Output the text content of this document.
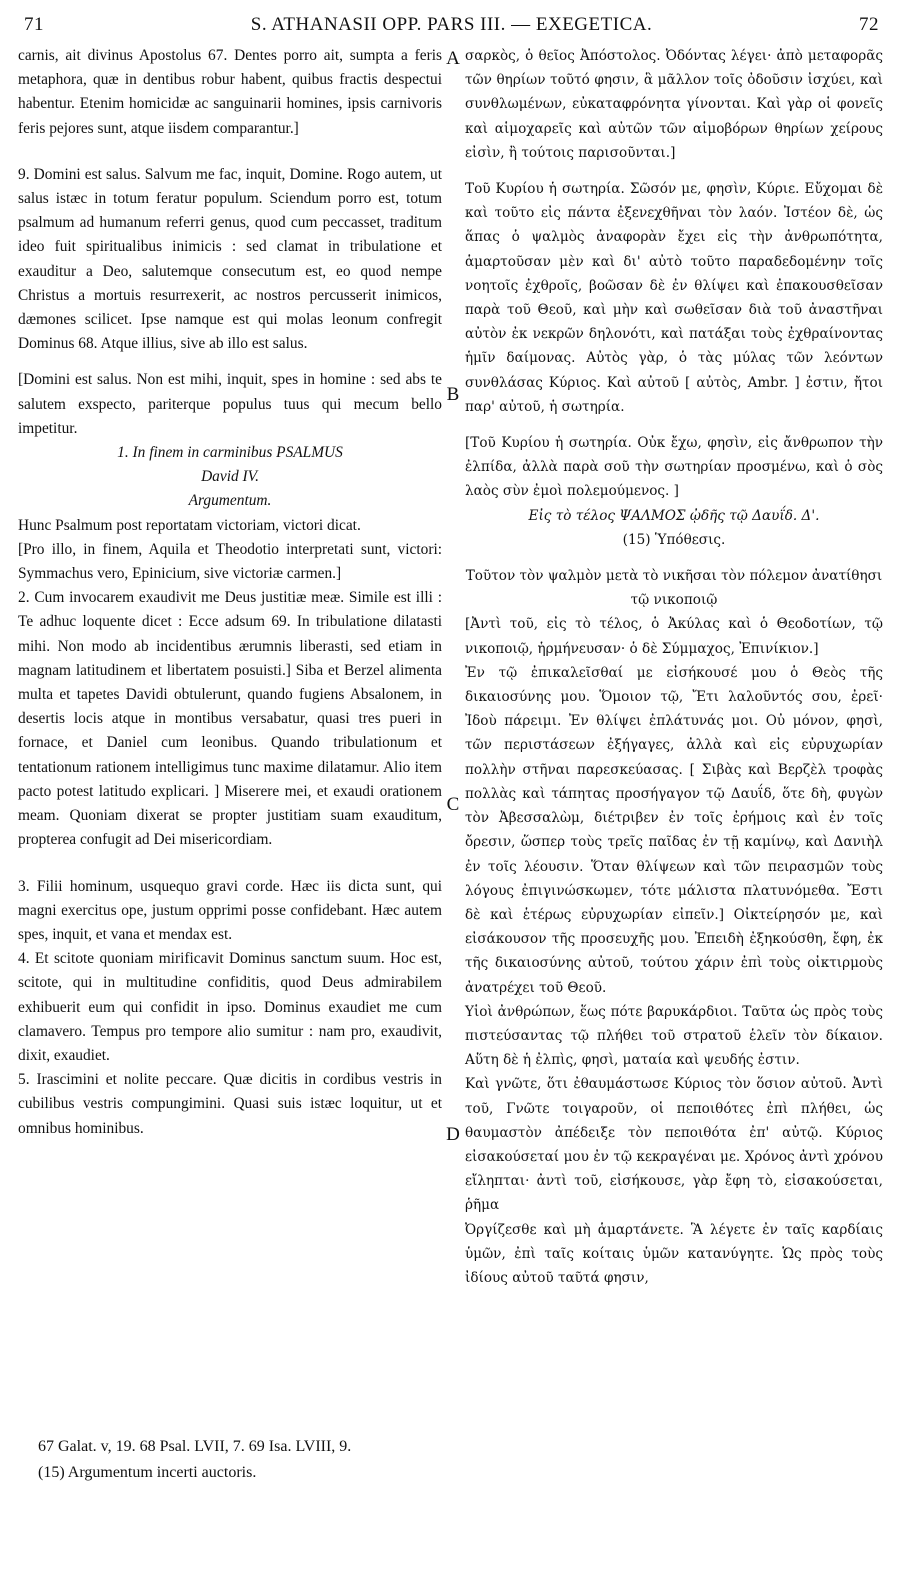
71	S. ATHANASII OPP. PARS III. — EXEGETICA.	72
A
B
C
D

carnis, ait divinus Apostolus 67. Dentes porro ait, sumpta a feris metaphora, quæ in dentibus robur habent, quibus fractis despectui habentur. Etenim homicidæ ac sanguinarii homines, ipsis carnivoris feris pejores sunt, atque iisdem comparantur.]

9. Domini est salus. Salvum me fac, inquit, Domine. Rogo autem, ut salus istæc in totum feratur populum. Sciendum porro est, totum psalmum ad humanum referri genus, quod cum peccasset, traditum ideo fuit spiritualibus inimicis : sed clamat in tribulatione et exauditur a Deo, salutemque consecutum est, eo quod nempe Christus a mortuis resurrexerit, ac nostros percusserit inimicos, dæmones scilicet. Ipse namque est qui molas leonum confregit Dominus 68. Atque illius, sive ab illo est salus.

[Domini est salus. Non est mihi, inquit, spes in homine : sed abs te salutem exspecto, pariterque populus tuus qui mecum bello impetitur.

1. In finem in carminibus PSALMUS

David IV.

Argumentum.

Hunc Psalmum post reportatam victoriam, victori dicat.

[Pro illo, in finem, Aquila et Theodotio interpretati sunt, victori: Symmachus vero, Epinicium, sive victoriæ carmen.]

2. Cum invocarem exaudivit me Deus justitiæ meæ. Simile est illi : Te adhuc loquente dicet : Ecce adsum 69. In tribulatione dilatasti mihi. Non modo ab incidentibus ærumnis liberasti, sed etiam in magnam latitudinem et libertatem posuisti.] Siba et Berzel alimenta multa et tapetes Davidi obtulerunt, quando fugiens Absalonem, in desertis locis atque in montibus versabatur, quasi tres pueri in fornace, et Daniel cum leonibus. Quando tribulationum et tentationum rationem intelligimus tunc maxime dilatamur. Alio item pacto potest latitudo explicari. ] Miserere mei, et exaudi orationem meam. Quoniam dixerat se propter justitiam suam exauditum, propterea confugit ad Dei misericordiam.

3. Filii hominum, usquequo gravi corde. Hæc iis dicta sunt, qui magni exercitus ope, justum opprimi posse confidebant. Hæc autem spes, inquit, et vana et mendax est.

4. Et scitote quoniam mirificavit Dominus sanctum suum. Hoc est, scitote, qui in multitudine confiditis, quod Deus admirabilem exhibuerit eum qui confidit in ipso. Dominus exaudiet me cum clamavero. Tempus pro tempore alio sumitur : nam pro, exaudivit, dixit, exaudiet.

5. Irascimini et nolite peccare. Quæ dicitis in cordibus vestris in cubilibus vestris compungimini. Quasi suis istæc loquitur, ut et omnibus hominibus.

σαρκὸς, ὁ θεῖος Ἀπόστολος. Ὀδόντας λέγει· ἀπὸ μεταφορᾶς τῶν θηρίων τοῦτό φησιν, ἃ μᾶλλον τοῖς ὀδοῦσιν ἰσχύει, καὶ συνθλωμένων, εὐκαταφρόνητα γίνονται. Καὶ γὰρ οἱ φονεῖς καὶ αἱμοχαρεῖς καὶ αὐτῶν τῶν αἱμοβόρων θηρίων χείρους εἰσὶν, ἢ τούτοις παρισοῦνται.]

Τοῦ Κυρίου ἡ σωτηρία. Σῶσόν με, φησὶν, Κύριε. Εὔχομαι δὲ καὶ τοῦτο εἰς πάντα ἐξενεχθῆναι τὸν λαόν. Ἰστέον δὲ, ὡς ἅπας ὁ ψαλμὸς ἀναφορὰν ἔχει εἰς τὴν ἀνθρωπότητα, ἁμαρτοῦσαν μὲν καὶ δι' αὐτὸ τοῦτο παραδεδομένην τοῖς νοητοῖς ἐχθροῖς, βοῶσαν δὲ ἐν θλίψει καὶ ἐπακουσθεῖσαν παρὰ τοῦ Θεοῦ, καὶ μὴν καὶ σωθεῖσαν διὰ τοῦ ἀναστῆναι αὐτὸν ἐκ νεκρῶν δηλονότι, καὶ πατάξαι τοὺς ἐχθραίνοντας ἡμῖν δαίμονας. Αὐτὸς γὰρ, ὁ τὰς μύλας τῶν λεόντων συνθλάσας Κύριος. Καὶ αὐτοῦ [ αὐτὸς, Ambr. ] ἐστιν, ἤτοι παρ' αὐτοῦ, ἡ σωτηρία.

[Τοῦ Κυρίου ἡ σωτηρία. Οὐκ ἔχω, φησὶν, εἰς ἄνθρωπον τὴν ἐλπίδα, ἀλλὰ παρὰ σοῦ τὴν σωτηρίαν προσμένω, καὶ ὁ σὸς λαὸς σὺν ἐμοὶ πολεμούμενος. ]

Εἰς τὸ τέλος ΨΑΛΜΟΣ ᾠδῆς τῷ Δαυΐδ. Δ'.

(15) Ὑπόθεσις.

Τοῦτον τὸν ψαλμὸν μετὰ τὸ νικῆσαι τὸν πόλεμον ἀνατίθησι τῷ νικοποιῷ

[Ἀντὶ τοῦ, εἰς τὸ τέλος, ὁ Ἀκύλας καὶ ὁ Θεοδοτίων, τῷ νικοποιῷ, ἡρμήνευσαν· ὁ δὲ Σύμμαχος, Ἐπινίκιον.]

Ἐν τῷ ἐπικαλεῖσθαί με εἰσήκουσέ μου ὁ Θεὸς τῆς δικαιοσύνης μου. Ὅμοιον τῷ, Ἔτι λαλοῦντός σου, ἐρεῖ· Ἰδοὺ πάρειμι. Ἐν θλίψει ἐπλάτυνάς μοι. Οὐ μόνον, φησὶ, τῶν περιστάσεων ἐξήγαγες, ἀλλὰ καὶ εἰς εὐρυχωρίαν πολλὴν στῆναι παρεσκεύασας. [ Σιβὰς καὶ Βερζὲλ τροφὰς πολλὰς καὶ τάπητας προσήγαγον τῷ Δαυΐδ, ὅτε δὴ, φυγὼν τὸν Ἀβεσσαλὼμ, διέτριβεν ἐν τοῖς ἐρήμοις καὶ ἐν τοῖς ὄρεσιν, ὥσπερ τοὺς τρεῖς παῖδας ἐν τῇ καμίνῳ, καὶ Δανιὴλ ἐν τοῖς λέουσιν. Ὅταν θλίψεων καὶ τῶν πειρασμῶν τοὺς λόγους ἐπιγινώσκωμεν, τότε μάλιστα πλατυνόμεθα. Ἔστι δὲ καὶ ἑτέρως εὐρυχωρίαν εἰπεῖν.] Οἰκτείρησόν με, καὶ εἰσάκουσον τῆς προσευχῆς μου. Ἐπειδὴ ἐξηκούσθη, ἔφη, ἐκ τῆς δικαιοσύνης αὐτοῦ, τούτου χάριν ἐπὶ τοὺς οἰκτιρμοὺς ἀνατρέχει τοῦ Θεοῦ.

Υἱοὶ ἀνθρώπων, ἕως πότε βαρυκάρδιοι. Ταῦτα ὡς πρὸς τοὺς πιστεύσαντας τῷ πλήθει τοῦ στρατοῦ ἑλεῖν τὸν δίκαιον. Αὕτη δὲ ἡ ἐλπὶς, φησὶ, ματαία καὶ ψευδής ἐστιν.

Καὶ γνῶτε, ὅτι ἐθαυμάστωσε Κύριος τὸν ὅσιον αὐτοῦ. Ἀντὶ τοῦ, Γνῶτε τοιγαροῦν, οἱ πεποιθότες ἐπὶ πλήθει, ὡς θαυμαστὸν ἀπέδειξε τὸν πεποιθότα ἐπ' αὐτῷ. Κύριος εἰσακούσεταί μου ἐν τῷ κεκραγέναι με. Χρόνος ἀντὶ χρόνου εἴληπται· ἀντὶ τοῦ, εἰσήκουσε, γὰρ ἔφη τὸ, εἰσακούσεται, ῥῆμα

Ὀργίζεσθε καὶ μὴ ἁμαρτάνετε. Ἃ λέγετε ἐν ταῖς καρδίαις ὑμῶν, ἐπὶ ταῖς κοίταις ὑμῶν κατανύγητε. Ὡς πρὸς τοὺς ἰδίους αὐτοῦ ταῦτά φησιν,

67 Galat. v, 19. 68 Psal. LVII, 7. 69 Isa. LVIII, 9.

(15) Argumentum incerti auctoris.
